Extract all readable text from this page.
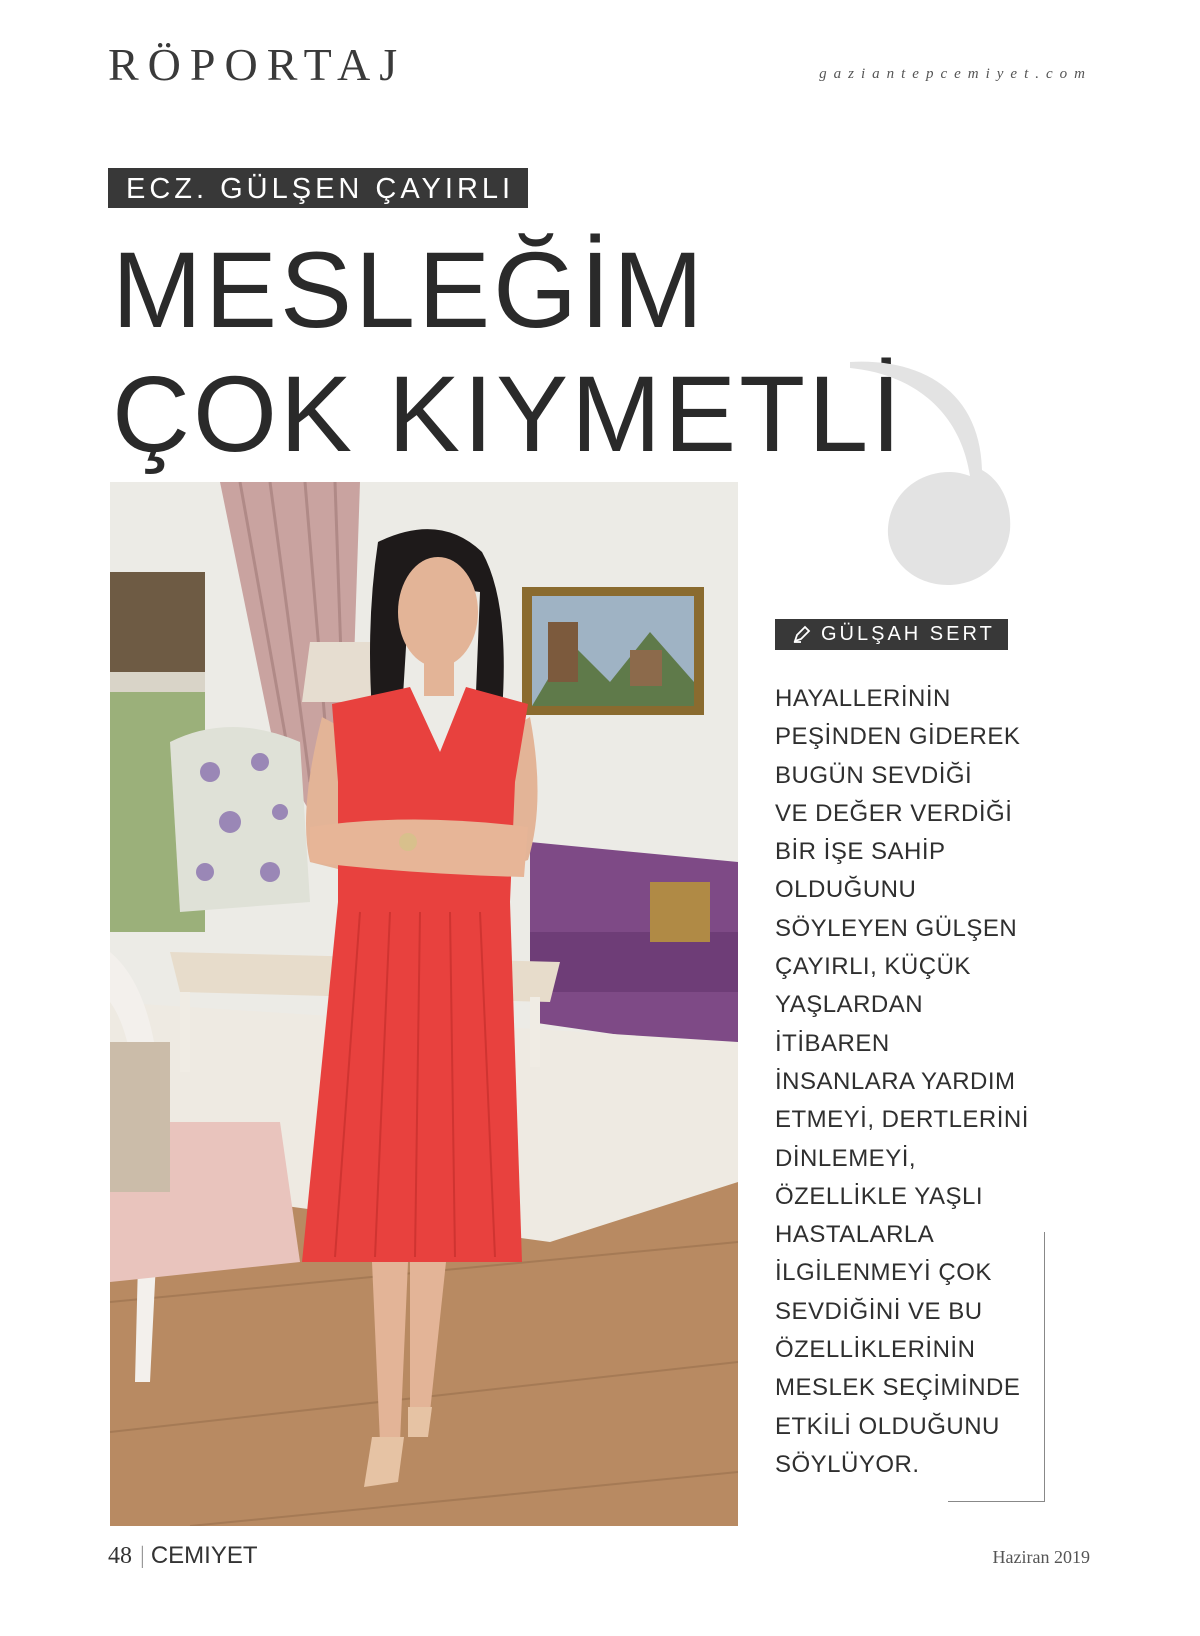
RÖPORTAJ	gaziantepcemiyet.com
ECZ. GÜLŞEN ÇAYIRLI
MESLEĞİM
ÇOK KIYMETLİ
GÜLŞAH SERT
HAYALLERİNİN
PEŞİNDEN GİDEREK
BUGÜN SEVDİĞİ
VE DEĞER VERDİĞİ
BİR İŞE SAHİP
OLDUĞUNU
SÖYLEYEN GÜLŞEN
ÇAYIRLI, KÜÇÜK
YAŞLARDAN
İTİBAREN
İNSANLARA YARDIM
ETMEYİ, DERTLERİNİ
DİNLEMEYİ,
ÖZELLİKLE YAŞLI
HASTALARLA
İLGİLENMEYİ ÇOK
SEVDİĞİNİ VE BU
ÖZELLİKLERİNİN
MESLEK SEÇİMİNDE
ETKİLİ OLDUĞUNU
SÖYLÜYOR.
48 | CEMIYET	Haziran 2019
